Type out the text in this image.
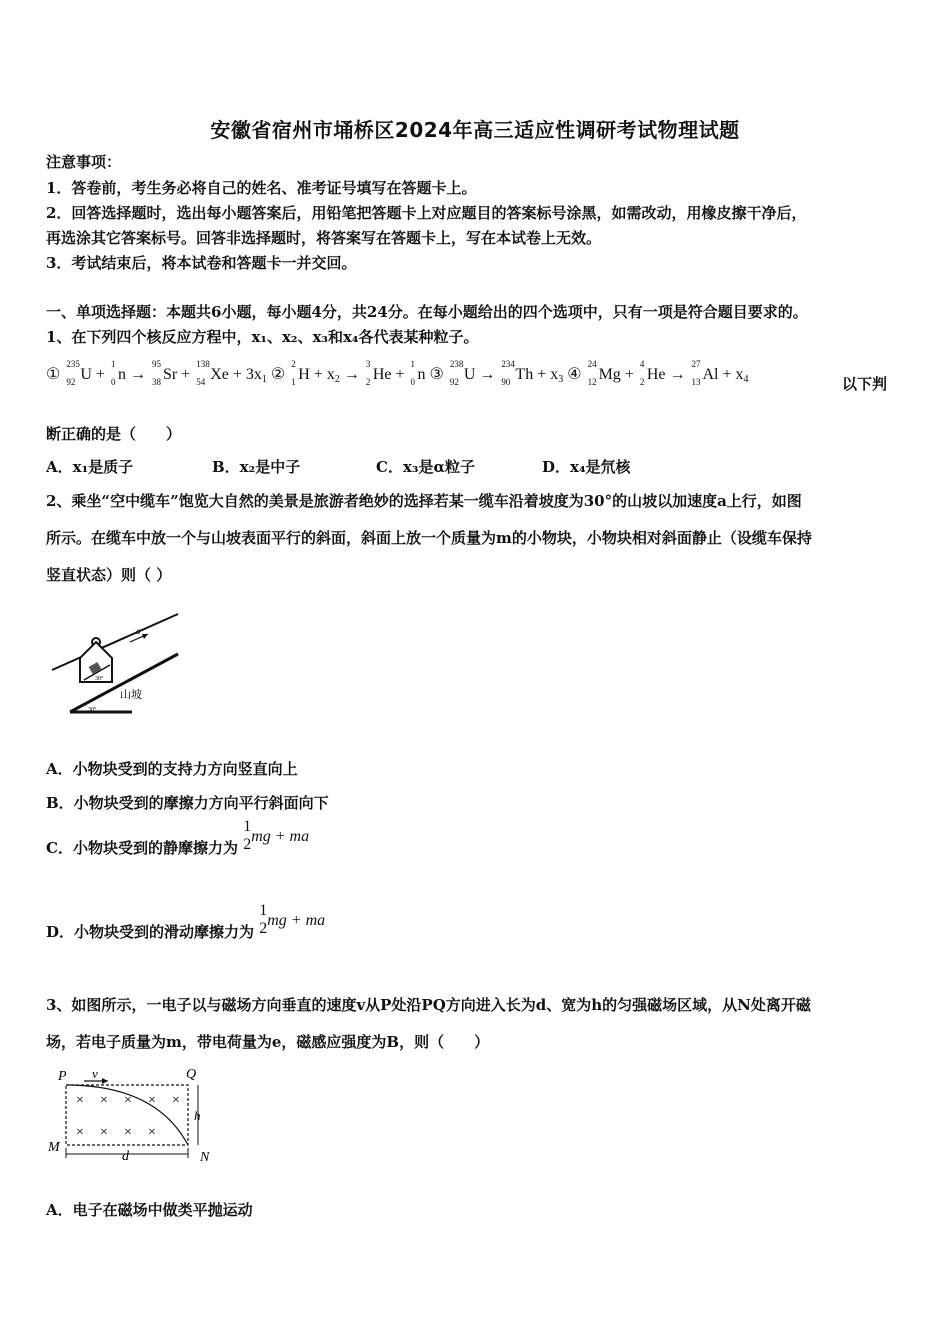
安徽省宿州市埇桥区2024年高三适应性调研考试物理试题
注意事项：
1．答卷前，考生务必将自己的姓名、准考证号填写在答题卡上。
2．回答选择题时，选出每小题答案后，用铅笔把答题卡上对应题目的答案标号涂黑，如需改动，用橡皮擦干净后，
再选涂其它答案标号。回答非选择题时，将答案写在答题卡上，写在本试卷上无效。
3．考试结束后，将本试卷和答题卡一并交回。
一、单项选择题：本题共6小题，每小题4分，共24分。在每小题给出的四个选项中，只有一项是符合题目要求的。
1、在下列四个核反应方程中，x₁、x₂、x₃和x₄各代表某种粒子。
①
235
92 U +
1
0 n →
95
38 Sr +
138
54 $Xe + 3x_1$ ②
2
1 $H + x_2$ →
3
2 He +
1
0 n ③
238
92 U →
234
90 $Th + x_3$ ④
24
12 Mg +
4
2 He →
27
13 $Al + x_4$	以下判
断正确的是（　　）
A．x₁是质子	B．x₂是中子	C．x₃是α粒子	D．x₄是氘核
2、乘坐“空中缆车”饱览大自然的美景是旅游者绝妙的选择若某一缆车沿着坡度为30°的山坡以加速度a上行，如图
所示。在缆车中放一个与山坡表面平行的斜面，斜面上放一个质量为m的小物块，小物块相对斜面静止（设缆车保持
竖直状态）则（ ）
30°
a
山坡
30°
A．小物块受到的支持力方向竖直向上
B．小物块受到的摩擦力方向平行斜面向下
C．小物块受到的静摩擦力为
1
2 mg + ma
D．小物块受到的滑动摩擦力为
1
2 mg + ma
3、如图所示，一电子以与磁场方向垂直的速度v从P处沿PQ方向进入长为d、宽为h的匀强磁场区域，从N处离开磁
场，若电子质量为m，带电荷量为e，磁感应强度为B，则（　　）
P v	Q
× × × × ×
× × × ×
h
M
d	N
A．电子在磁场中做类平抛运动
